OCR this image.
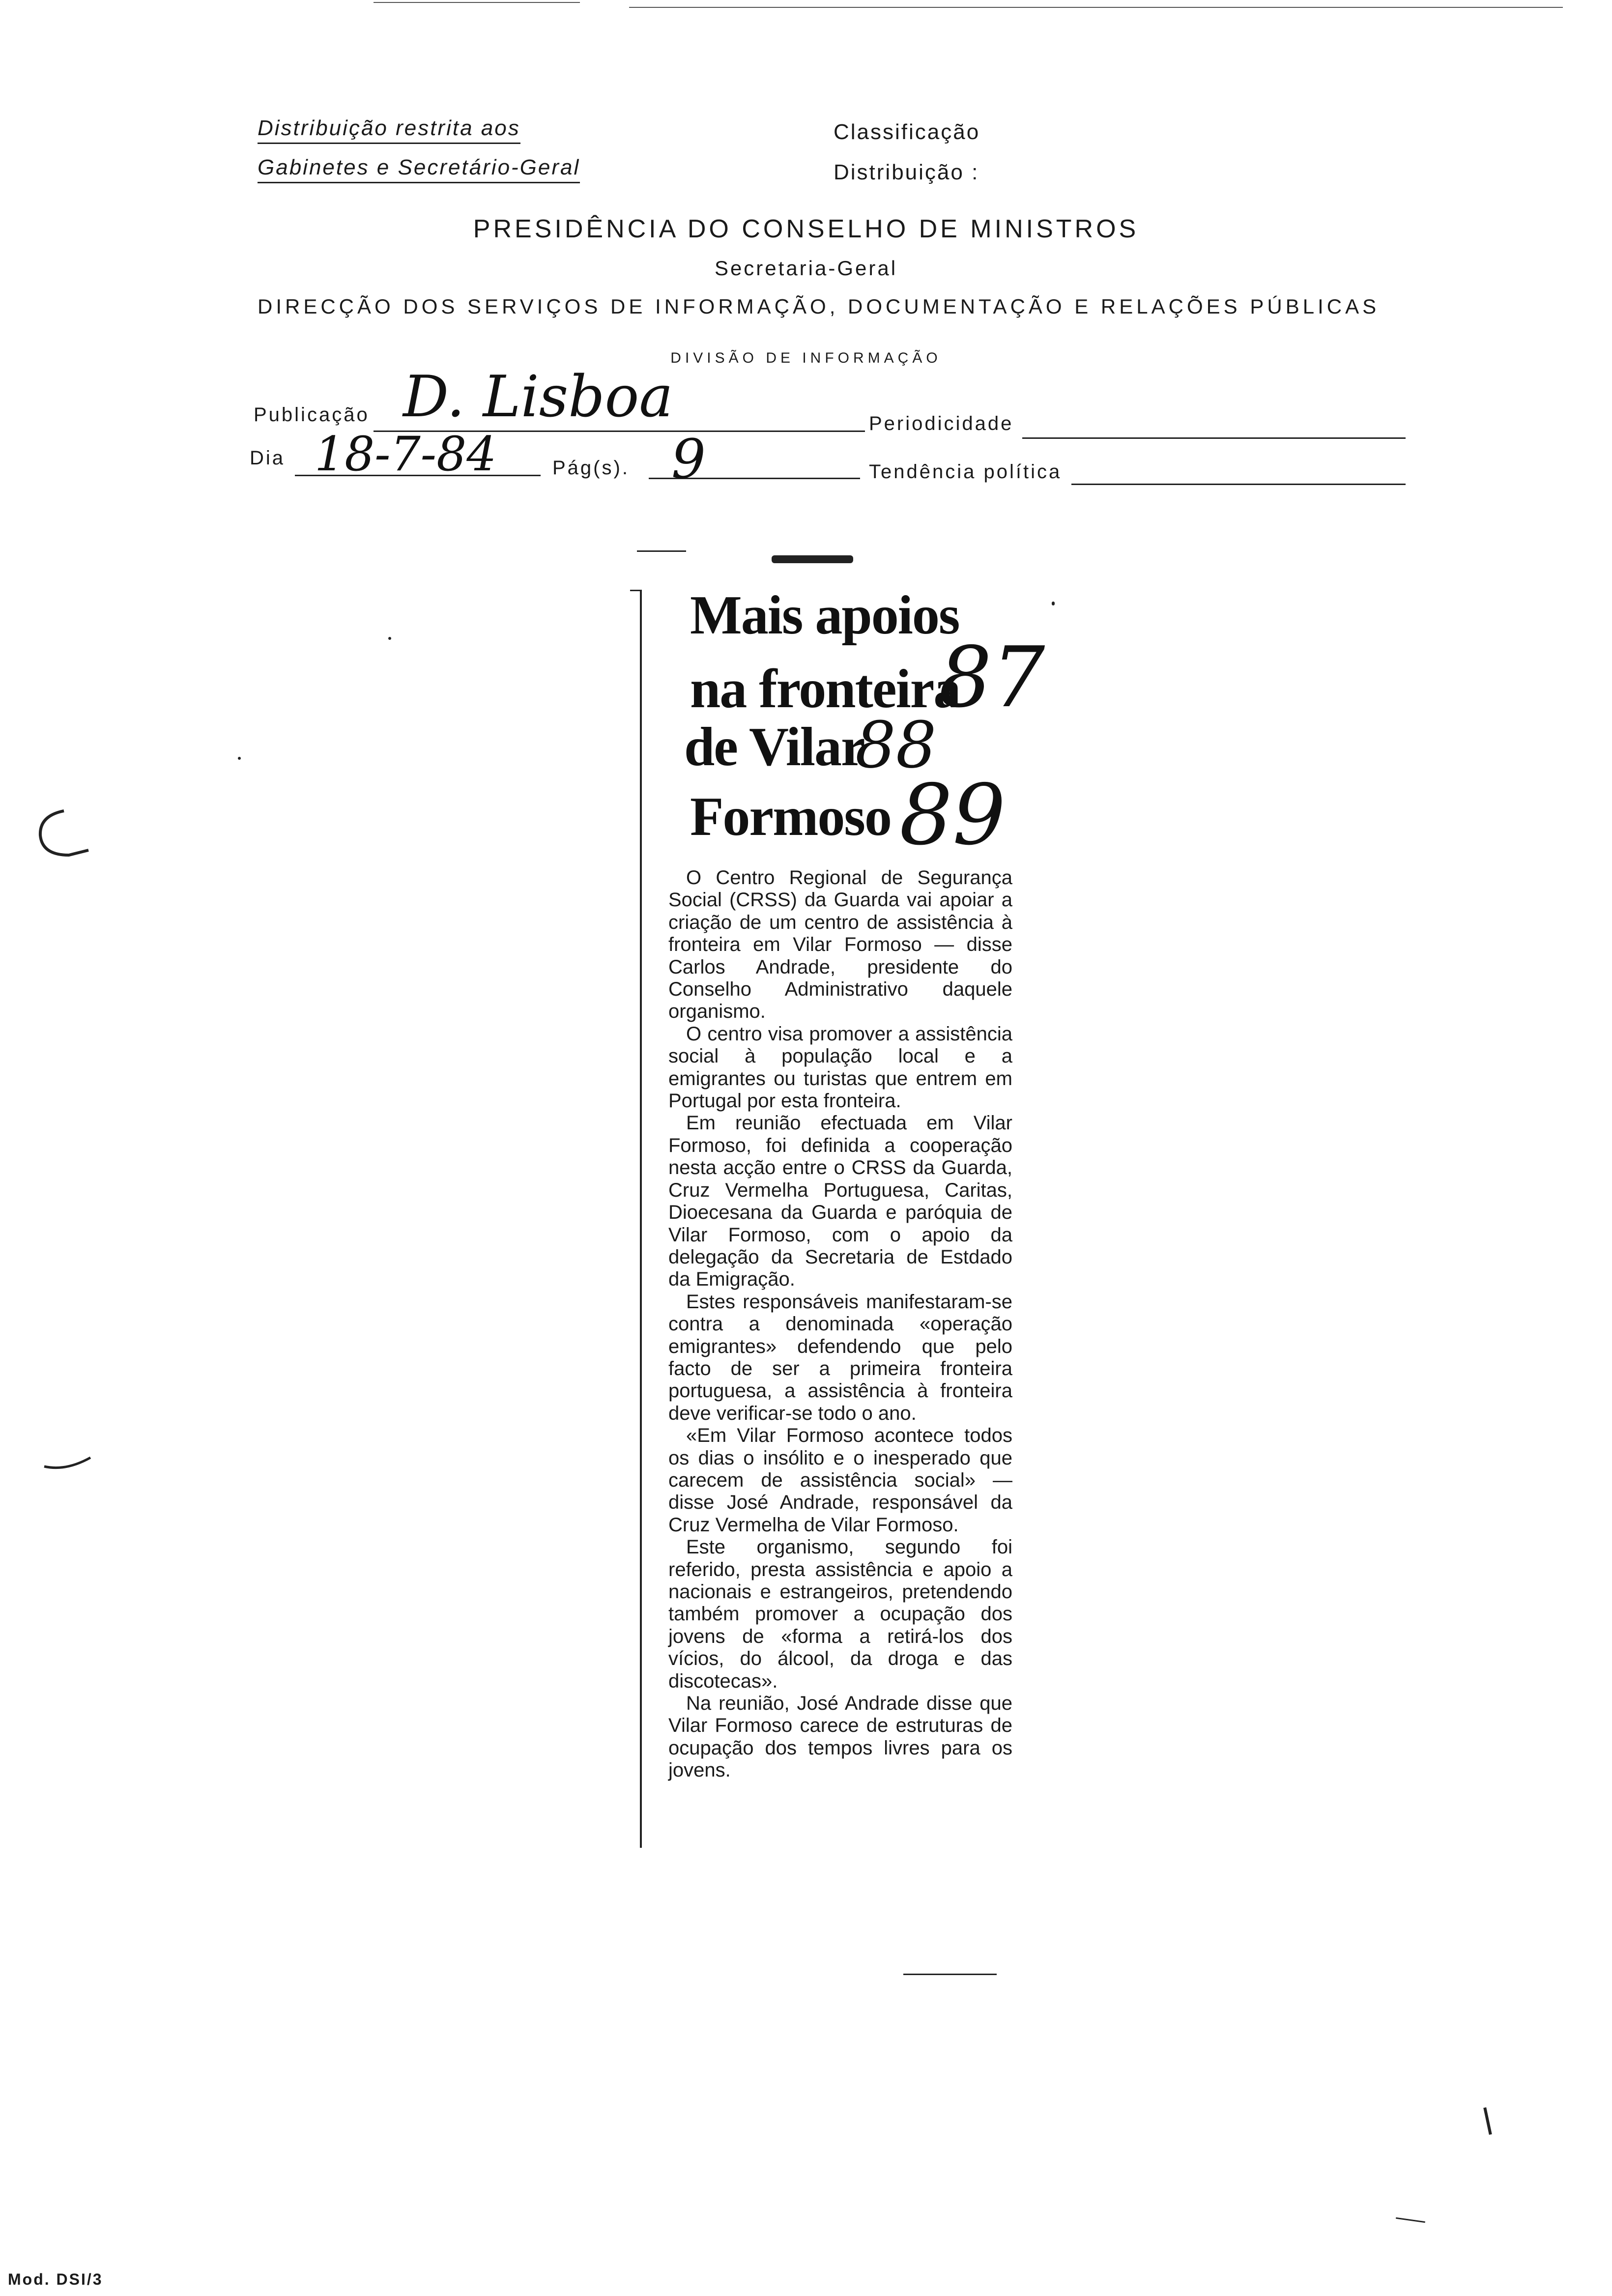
Distribuição restrita aos
Gabinetes e Secretário-Geral
Classificação
Distribuição :
PRESIDÊNCIA DO CONSELHO DE MINISTROS
Secretaria-Geral
DIRECÇÃO DOS SERVIÇOS DE INFORMAÇÃO, DOCUMENTAÇÃO E RELAÇÕES PÚBLICAS
DIVISÃO DE INFORMAÇÃO
Publicação D. Lisboa	Periodicidade
Dia 18-7-84	Pág(s). 9	Tendência política
Mais apoios
na fronteira
de Vilar
Formoso
87
88
89

O Centro Regional de Segurança Social (CRSS) da Guarda vai apoiar a criação de um centro de assistência à fronteira em Vilar Formoso — disse Carlos Andrade, presidente do Conselho Administrativo daquele organismo.

O centro visa promover a assistência social à população local e a emigrantes ou turistas que entrem em Portugal por esta fronteira.

Em reunião efectuada em Vilar Formoso, foi definida a cooperação nesta acção entre o CRSS da Guarda, Cruz Vermelha Portuguesa, Caritas, Dioecesana da Guarda e paróquia de Vilar Formoso, com o apoio da delegação da Secretaria de Estdado da Emigração.

Estes responsáveis manifestaram-se contra a denominada «operação emigrantes» defendendo que pelo facto de ser a primeira fronteira portuguesa, a assistência à fronteira deve verificar-se todo o ano.

«Em Vilar Formoso acontece todos os dias o insólito e o inesperado que carecem de assistência social» — disse José Andrade, responsável da Cruz Vermelha de Vilar Formoso.

Este organismo, segundo foi referido, presta assistência e apoio a nacionais e estrangeiros, pretendendo também promover a ocupação dos jovens de «forma a retirá-los dos vícios, do álcool, da droga e das discotecas».

Na reunião, José Andrade disse que Vilar Formoso carece de estruturas de ocupação dos tempos livres para os jovens.

Mod. DSI/3
